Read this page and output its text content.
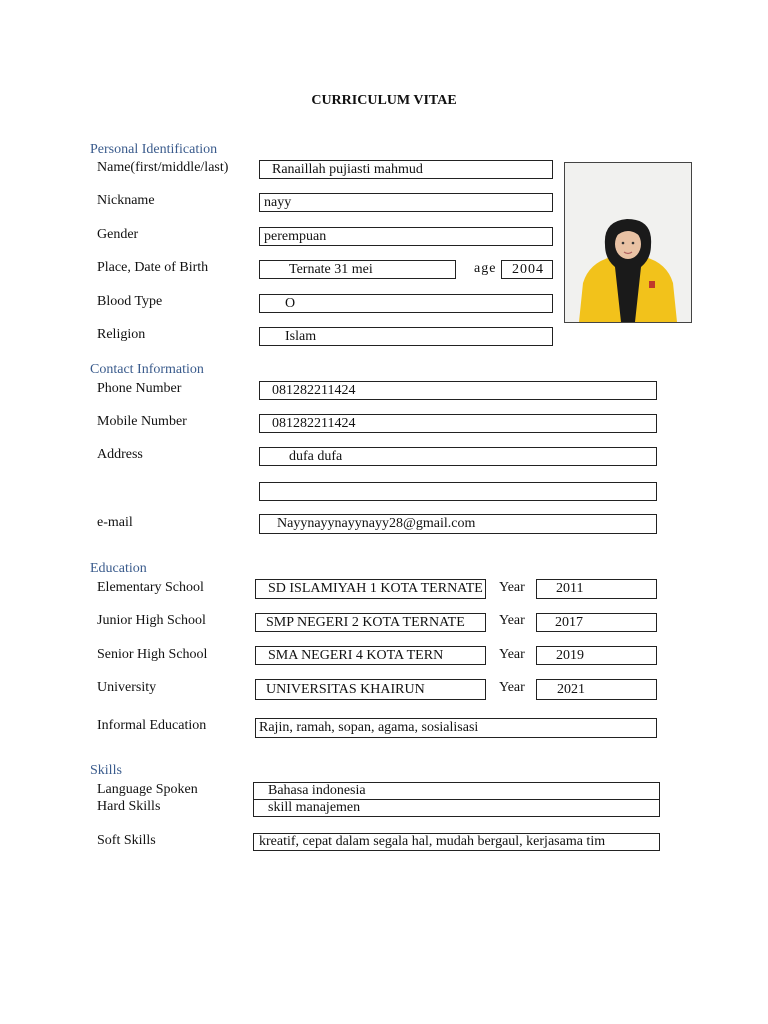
CURRICULUM VITAE
Personal Identification
Name(first/middle/last)	Ranaillah pujiasti mahmud
Nickname	nayy
Gender	perempuan
Place, Date of Birth	Ternate 31 mei	age	2004
Blood Type	O
Religion	Islam
Contact Information
Phone Number	081282211424
Mobile Number	081282211424
Address	dufa dufa
e-mail	Nayynayynayynayy28@gmail.com
Education
Elementary School	SD ISLAMIYAH 1 KOTA TERNATE Year	2011
Junior High School	SMP NEGERI 2 KOTA TERNATE	Year	2017
Senior High School	SMA NEGERI 4 KOTA TERN	Year	2019
University	UNIVERSITAS KHAIRUN	Year	2021
Informal Education	Rajin, ramah, sopan, agama, sosialisasi
Skills
Language Spoken	Bahasa indonesia
Hard Skills	skill manajemen
Soft Skills	kreatif, cepat dalam segala hal, mudah bergaul, kerjasama tim
